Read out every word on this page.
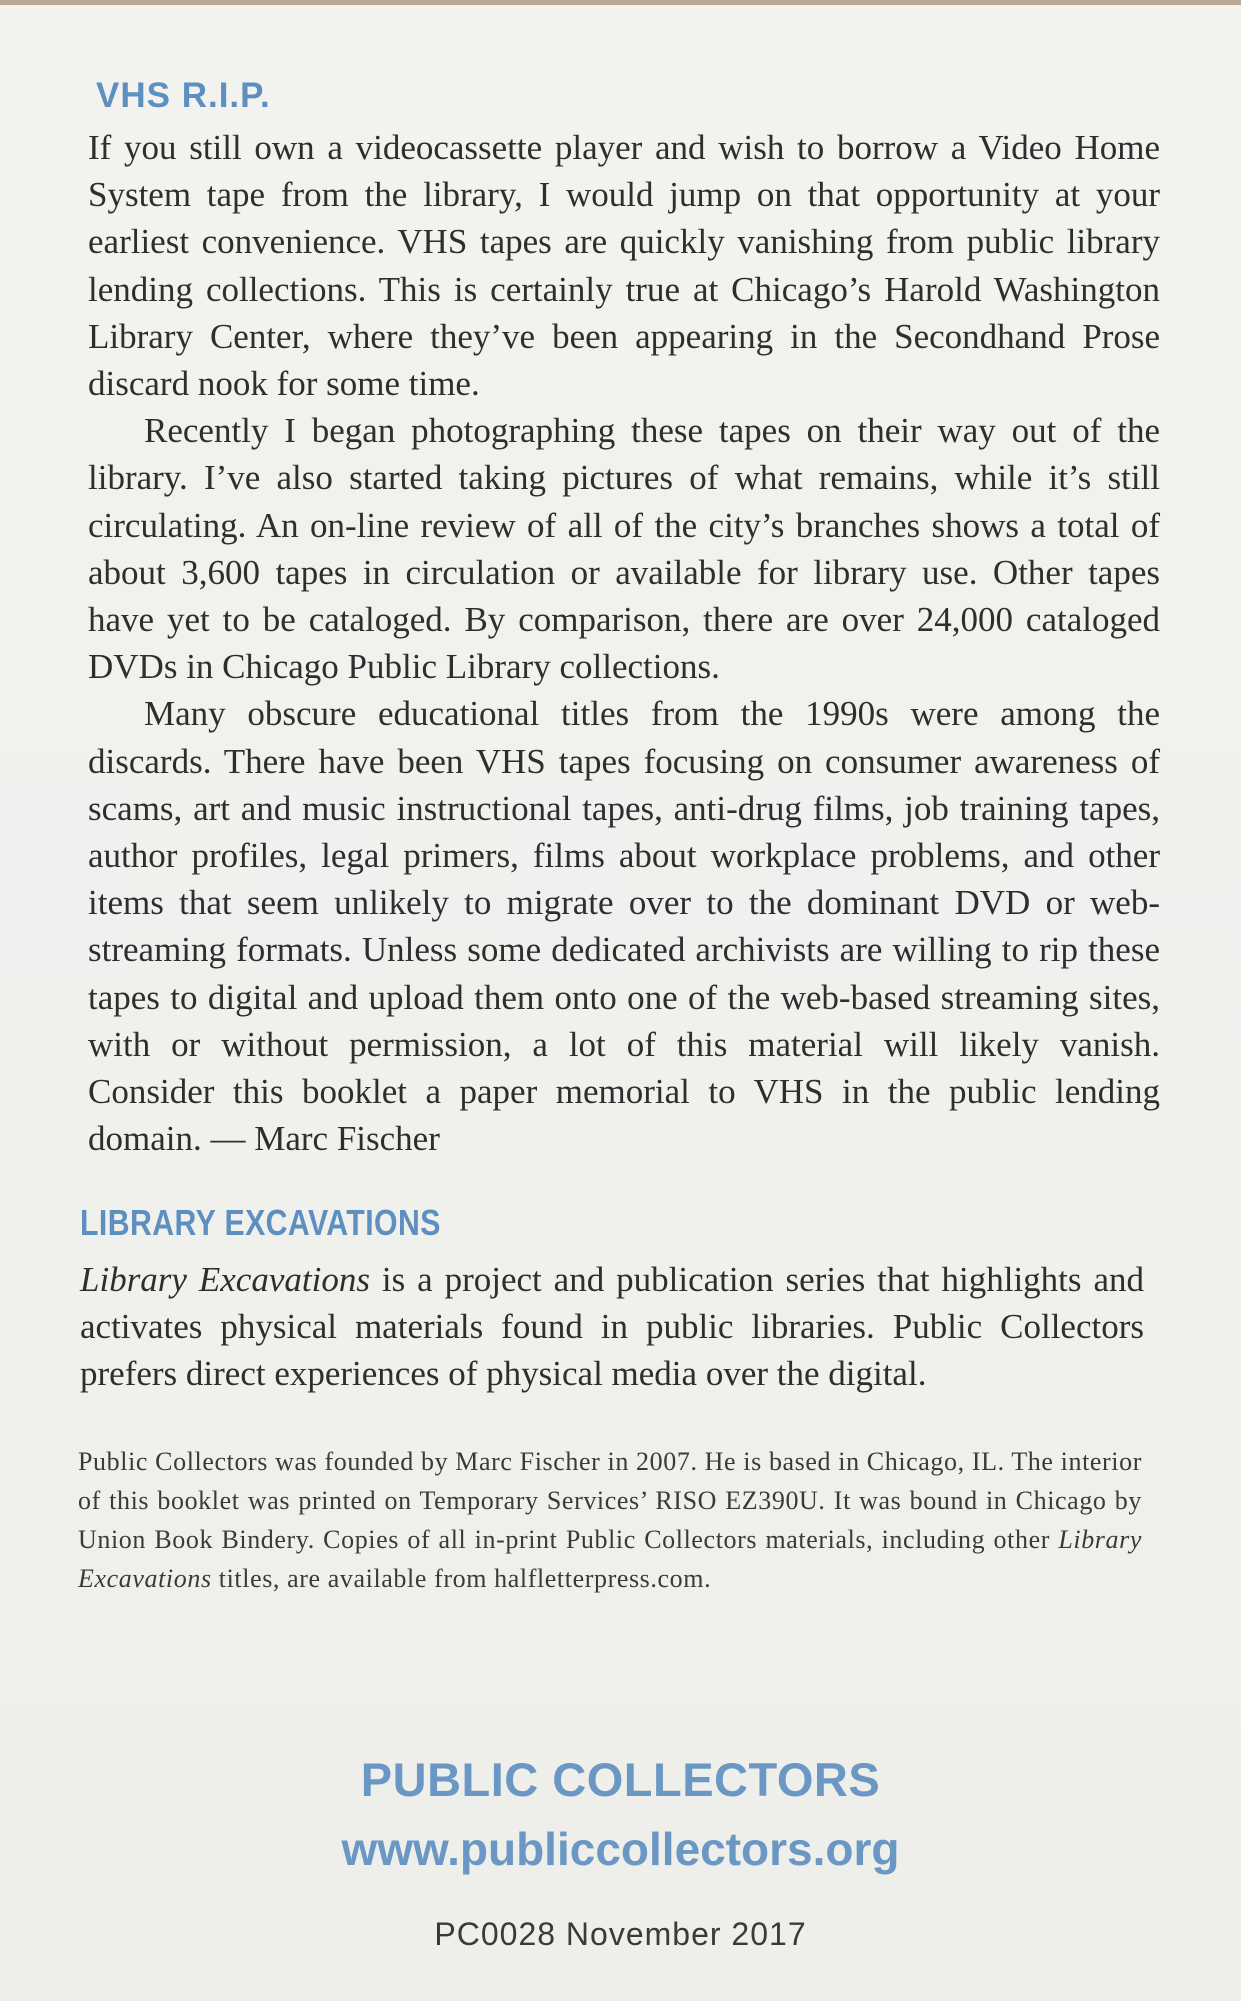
VHS R.I.P.

If you still own a videocassette player and wish to borrow a Video Home System tape from the library, I would jump on that opportunity at your earliest convenience. VHS tapes are quickly vanishing from public library lending collections. This is certainly true at Chicago’s Harold Washington Library Center, where they’ve been appearing in the Secondhand Prose discard nook for some time.

Recently I began photographing these tapes on their way out of the library. I’ve also started taking pictures of what remains, while it’s still circulating. An on-line review of all of the city’s branches shows a total of about 3,600 tapes in circulation or available for library use. Other tapes have yet to be cataloged. By comparison, there are over 24,000 cataloged DVDs in Chicago Public Library collections.

Many obscure educational titles from the 1990s were among the discards. There have been VHS tapes focusing on consumer awareness of scams, art and music instructional tapes, anti-drug films, job training tapes, author profiles, legal primers, films about workplace problems, and other items that seem unlikely to migrate over to the dominant DVD or web-streaming formats. Unless some dedicated archivists are willing to rip these tapes to digital and upload them onto one of the web-based streaming sites, with or without permission, a lot of this material will likely vanish. Consider this booklet a paper memorial to VHS in the public lending domain. — Marc Fischer

LIBRARY EXCAVATIONS
Library Excavations is a project and publication series that highlights and activates physical materials found in public libraries. Public Collectors prefers direct experiences of physical media over the digital.
Public Collectors was founded by Marc Fischer in 2007. He is based in Chicago, IL. The interior of this booklet was printed on Temporary Services’ RISO EZ390U. It was bound in Chicago by Union Book Bindery. Copies of all in-print Public Collectors materials, including other Library Excavations titles, are available from halfletterpress.com.
PUBLIC COLLECTORS
www.publiccollectors.org
PC0028 November 2017
